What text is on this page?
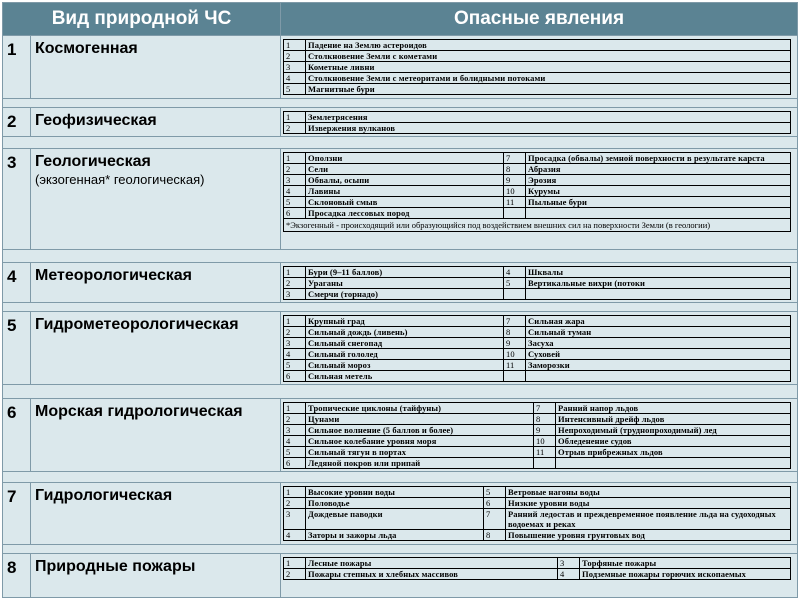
Вид природной ЧС	Опасные явления
1	Космогенная		1	Падение на Землю астероидов
2	Столкновение Земли с кометами
3	Кометные ливни
4	Столкновение Земли с метеоритами и болидными потоками
5	Магнитные бури

2	Геофизическая		1	Землетрясения
2	Извержения вулканов

3	Геологическая
(экзогенная* геологическая)

1	Оползни	7	Просадка (обвалы) земной поверхности в результате карста
2	Сели	8	Абразия
3	Обвалы, осыпи	9	Эрозия
4	Лавины	10	Курумы
5	Склоновый смыв	11	Пыльные бури
6	Просадка лессовых пород		
*Экзогенный - происходящий или образующийся под воздействием внешних сил на поверхности Земли (в геологии)

4	Метеорологическая		1	Бури (9–11 баллов)	4	Шквалы
2	Ураганы	5	Вертикальные вихри (потоки
3	Смерчи (торнадо)		

5	Гидрометеорологическая		1	Крупный град	7	Сильная жара
2	Сильный дождь (ливень)	8	Сильный туман
3	Сильный снегопад	9	Засуха
4	Сильный гололед	10	Суховей
5	Сильный мороз	11	Заморозки
6	Сильная метель		

6	Морская гидрологическая		1	Тропические циклоны (тайфуны)	7	Ранний напор льдов
2	Цунами	8	Интенсивный дрейф льдов
3	Сильное волнение (5 баллов и более)	9	Непроходимый (труднопроходимый) лед
4	Сильное колебание уровня моря	10	Обледенение судов
5	Сильный тягун в портах	11	Отрыв прибрежных льдов
6	Ледяной покров или припай		

7	Гидрологическая		1	Высокие уровни воды	5	Ветровые нагоны воды
2	Половодье	6	Низкие уровни воды
3	Дождевые паводки	7	Ранний ледостав и преждевременное появление льда на судоходных водоемах и реках
4	Заторы и зажоры льда	8	Повышение уровня грунтовых вод

8	Природные пожары		1	Лесные пожары	3	Торфяные пожары
2	Пожары степных и хлебных массивов	4	Подземные пожары горючих ископаемых
